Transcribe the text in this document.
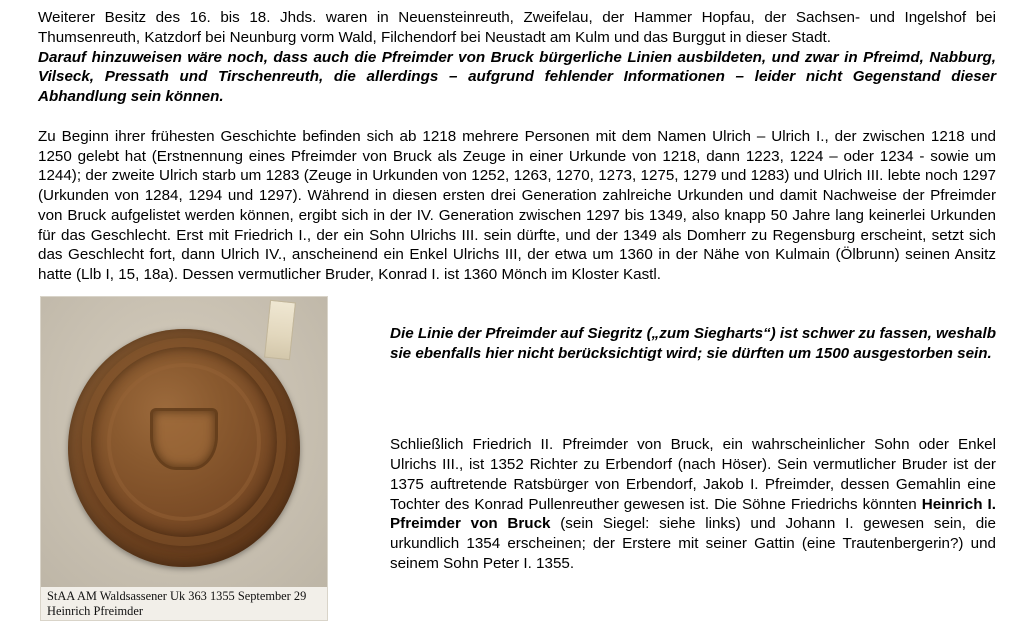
Weiterer Besitz des 16. bis 18. Jhds. waren in Neuensteinreuth, Zweifelau, der Hammer Hopfau, der Sachsen- und Ingelshof bei Thumsenreuth, Katzdorf bei Neunburg vorm Wald, Filchendorf bei Neustadt am Kulm und das Burggut in dieser Stadt.

Darauf hinzuweisen wäre noch, dass auch die Pfreimder von Bruck bürgerliche Linien ausbildeten, und zwar in Pfreimd, Nabburg, Vilseck, Pressath und Tirschenreuth, die allerdings – aufgrund fehlender Informationen – leider nicht Gegenstand dieser Abhandlung sein können.

Zu Beginn ihrer frühesten Geschichte befinden sich ab 1218 mehrere Personen mit dem Namen Ulrich – Ulrich I., der zwischen 1218 und 1250 gelebt hat (Erstnennung eines Pfreimder von Bruck als Zeuge in einer Urkunde von 1218, dann 1223, 1224 – oder 1234 - sowie um 1244); der zweite Ulrich starb um 1283 (Zeuge in Urkunden von 1252, 1263, 1270, 1273, 1275, 1279 und 1283) und Ulrich III. lebte noch 1297 (Urkunden von 1284, 1294 und 1297). Während in diesen ersten drei Generation zahlreiche Urkunden und damit Nachweise der Pfreimder von Bruck aufgelistet werden können, ergibt sich in der IV. Generation zwischen 1297 bis 1349, also knapp 50 Jahre lang keinerlei Urkunden für das Geschlecht. Erst mit Friedrich I., der ein Sohn Ulrichs III. sein dürfte, und der 1349 als Domherr zu Regensburg erscheint, setzt sich das Geschlecht fort, dann Ulrich IV., anscheinend ein Enkel Ulrichs III, der etwa um 1360 in der Nähe von Kulmain (Ölbrunn) seinen Ansitz hatte (Llb I, 15, 18a). Dessen vermutlicher Bruder, Konrad I. ist 1360 Mönch im Kloster Kastl.

StAA AM Waldsassener Uk 363 1355 September 29
Heinrich Pfreimder

Die Linie der Pfreimder auf Siegritz („zum Siegharts“) ist schwer zu fassen, weshalb sie ebenfalls hier nicht berücksichtigt wird; sie dürften um 1500 ausgestorben sein.

Schließlich Friedrich II. Pfreimder von Bruck, ein wahrscheinlicher Sohn oder Enkel Ulrichs III., ist 1352 Richter zu Erbendorf (nach Höser). Sein vermutlicher Bruder ist der 1375 auftretende Ratsbürger von Erbendorf, Jakob I. Pfreimder, dessen Gemahlin eine Tochter des Konrad Pullenreuther gewesen ist. Die Söhne Friedrichs könnten Heinrich I. Pfreimder von Bruck (sein Siegel: siehe links) und Johann I. gewesen sein, die urkundlich 1354 erscheinen; der Erstere mit seiner Gattin (eine Trautenbergerin?) und seinem Sohn Peter I. 1355.
